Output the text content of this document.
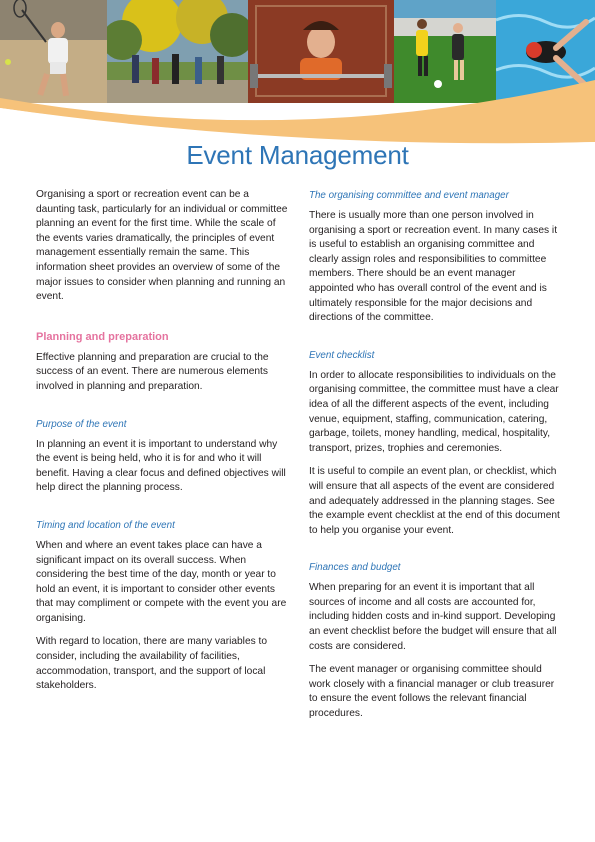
Event Management

Organising a sport or recreation event can be a daunting task, particularly for an individual or committee planning an event for the first time. While the scale of the events varies dramatically, the principles of event management essentially remain the same. This information sheet provides an overview of some of the major issues to consider when planning and running an event.

Planning and preparation

Effective planning and preparation are crucial to the success of an event. There are numerous elements involved in planning and preparation.

Purpose of the event

In planning an event it is important to understand why the event is being held, who it is for and who it will benefit. Having a clear focus and defined objectives will help direct the planning process.

Timing and location of the event

When and where an event takes place can have a significant impact on its overall success. When considering the best time of the day, month or year to hold an event, it is important to consider other events that may compliment or compete with the event you are organising.

With regard to location, there are many variables to consider, including the availability of facilities, accommodation, transport, and the support of local stakeholders.

The organising committee and event manager

There is usually more than one person involved in organising a sport or recreation event. In many cases it is useful to establish an organising committee and clearly assign roles and responsibilities to committee members. There should be an event manager appointed who has overall control of the event and is ultimately responsible for the major decisions and directions of the committee.

Event checklist

In order to allocate responsibilities to individuals on the organising committee, the committee must have a clear idea of all the different aspects of the event, including venue, equipment, staffing, communication, catering, garbage, toilets, money handling, medical, hospitality, transport, prizes, trophies and ceremonies.

It is useful to compile an event plan, or checklist, which will ensure that all aspects of the event are considered and adequately addressed in the planning stages. See the example event checklist at the end of this document to help you organise your event.

Finances and budget

When preparing for an event it is important that all sources of income and all costs are accounted for, including hidden costs and in-kind support. Developing an event checklist before the budget will ensure that all costs are considered.

The event manager or organising committee should work closely with a financial manager or club treasurer to ensure the event follows the relevant financial procedures.
